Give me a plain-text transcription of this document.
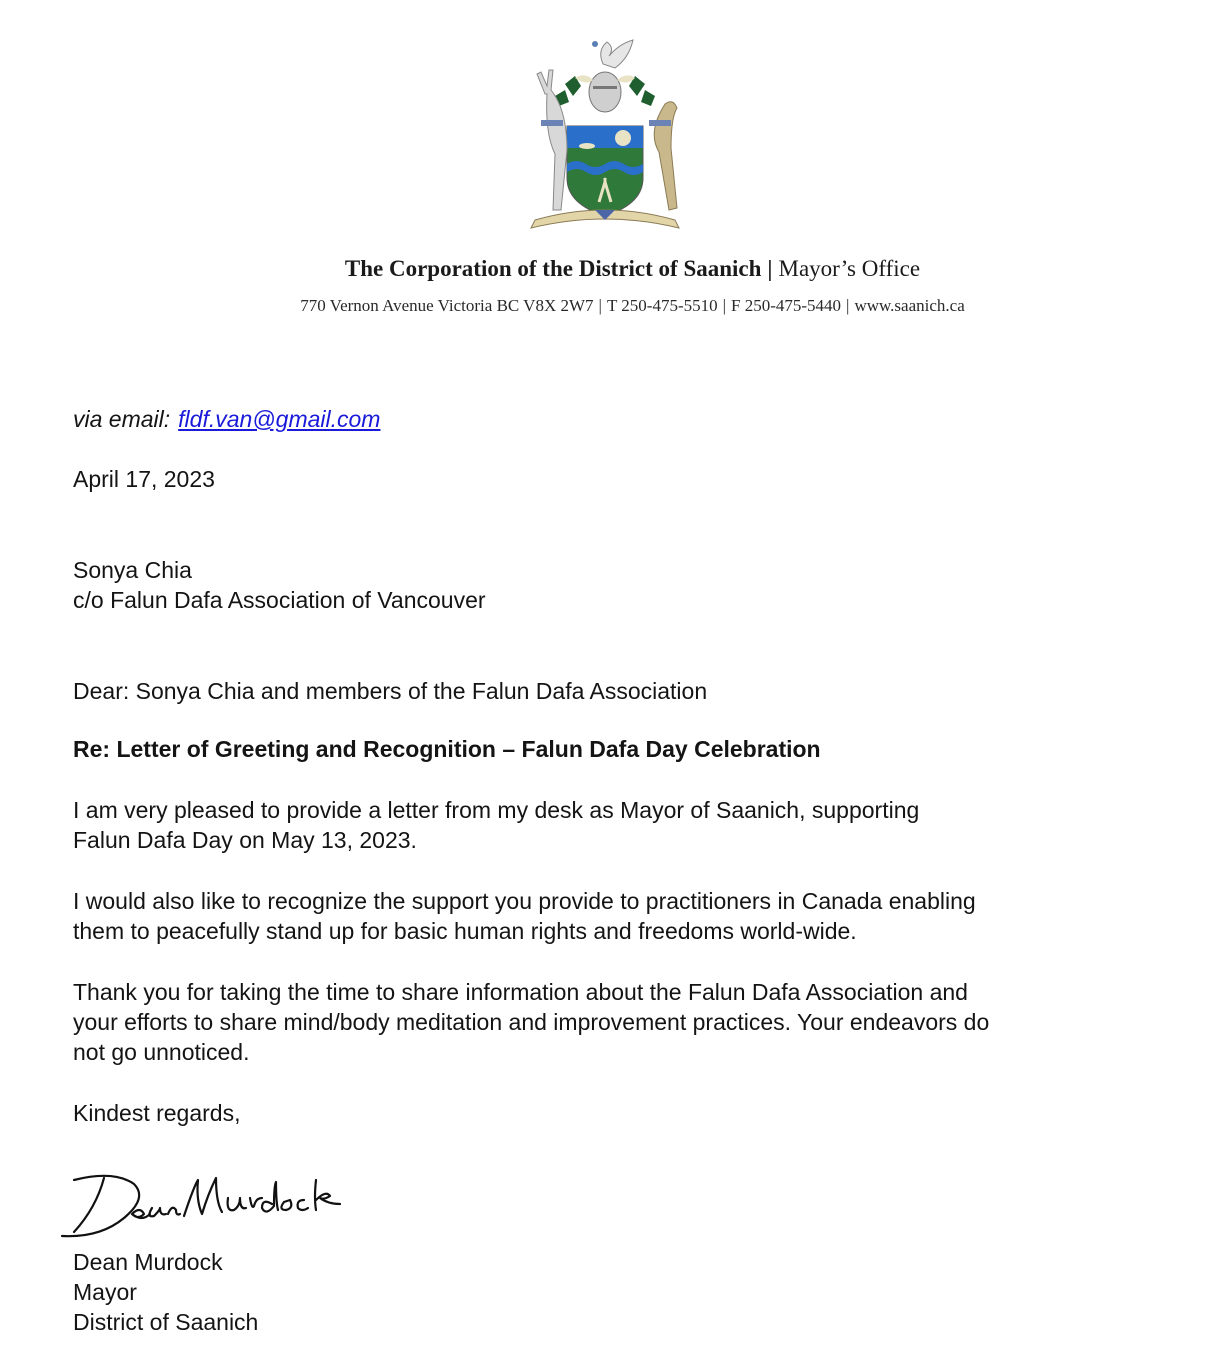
The Corporation of the District of Saanich | Mayor’s Office
770 Vernon Avenue Victoria BC V8X 2W7 | T 250-475-5510 | F 250-475-5440 | www.saanich.ca
via email: fldf.van@gmail.com
April 17, 2023
Sonya Chia
c/o Falun Dafa Association of Vancouver
Dear: Sonya Chia and members of the Falun Dafa Association
Re: Letter of Greeting and Recognition – Falun Dafa Day Celebration
I am very pleased to provide a letter from my desk as Mayor of Saanich, supporting
Falun Dafa Day on May 13, 2023.
I would also like to recognize the support you provide to practitioners in Canada enabling
them to peacefully stand up for basic human rights and freedoms world-wide.
Thank you for taking the time to share information about the Falun Dafa Association and
your efforts to share mind/body meditation and improvement practices. Your endeavors do
not go unnoticed.
Kindest regards,
Dean Murdock
Mayor
District of Saanich
